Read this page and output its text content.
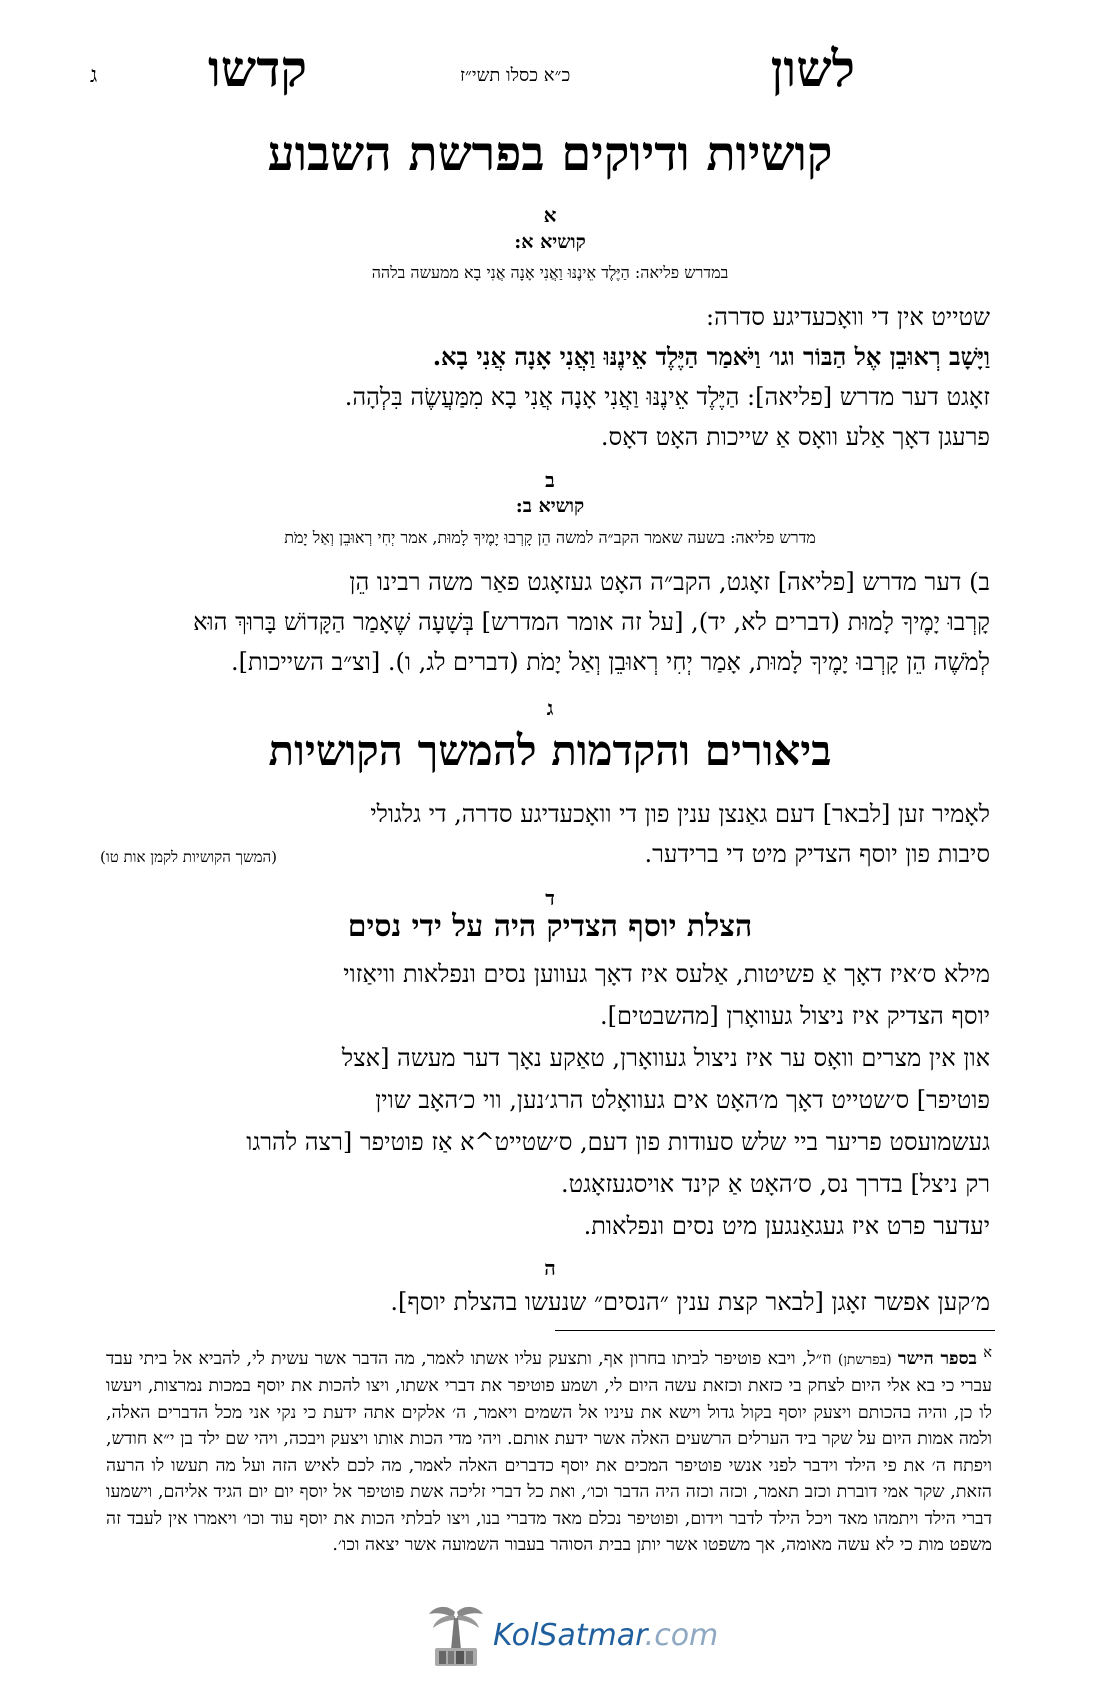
לשון
כ״א כסלו תשי״ז
קדשו
ג
קושיות ודיוקים בפרשת השבוע
א
קושיא א:
במדרש פליאה: הַיֶּלֶד אֵינֶנּוּ וַאֲנִי אָנָה אֲנִי בָא ממעשה בלהה
שטייט אין די וואָכעדיגע סדרה:
וַיָּשָׁב רְאוּבֵן אֶל הַבּוֹר וגו׳ וַיֹּאמַר הַיֶּלֶד אֵינֶנּוּ וַאֲנִי אָנָה אֲנִי בָא.
זאָגט דער מדרש [פליאה]: הַיֶּלֶד אֵינֶנּוּ וַאֲנִי אָנָה אֲנִי בָא מִמַּעֲשֶׂה בִּלְהָה.
פרעגן דאָך אַלע וואָס אַ שייכות האָט דאָס.
ב
קושיא ב:
מדרש פליאה: בשעה שאמר הקב״ה למשה הֵן קָרְבוּ יָמֶיךָ לָמוּת, אמר יְחִי רְאוּבֵן וְאַל יָמֹת
ב) דער מדרש [פליאה] זאָגט, הקב״ה האָט געזאָגט פאַר משה רבינו הֵן
קָרְבוּ יָמֶיךָ לָמוּת (דברים לא, יד), [על זה אומר המדרש] בְּשָׁעָה שֶׁאָמַר הַקָּדוֹשׁ בָּרוּךְ הוּא
לְמֹשֶׁה הֵן קָרְבוּ יָמֶיךָ לָמוּת, אָמַר יְחִי רְאוּבֵן וְאַל יָמֹת (דברים לג, ו). [וצ״ב השייכות].
ג
ביאורים והקדמות להמשך הקושיות
לאָמיר זען [לבאר] דעם גאַנצן ענין פון די וואָכעדיגע סדרה, די גלגולי
סיבות פון יוסף הצדיק מיט די ברידער.
(המשך הקושיות לקמן אות טו)
ד
הצלת יוסף הצדיק היה על ידי נסים
מילא ס׳איז דאָך אַ פשיטות, אַלעס איז דאָך געווען נסים ונפלאות וויאַזוי
יוסף הצדיק איז ניצול געוואָרן [מהשבטים].
און אין מצרים וואָס ער איז ניצול געוואָרן, טאַקע נאָך דער מעשה [אצל
פוטיפר] ס׳שטייט דאָך מ׳האָט אים געוואָלט הרג׳נען, ווי כ׳האָב שוין
געשמועסט פריער ביי שלש סעודות פון דעם, ס׳שטייט^א אַז פוטיפר [רצה להרגו
רק ניצל] בדרך נס, ס׳האָט אַ קינד אויסגעזאָגט.
יעדער פרט איז געגאַנגען מיט נסים ונפלאות.
ה
מ׳קען אפשר זאָגן [לבאר קצת ענין ״הנסים״ שנעשו בהצלת יוסף].
$^א$ בספר הישר (בפרשתן) וז״ל, ויבא פוטיפר לביתו בחרון אף, ותצעק עליו אשתו לאמר, מה הדבר אשר עשית לי, להביא אל ביתי עבד עברי כי בא אלי היום לצחק בי כזאת וכזאת עשה היום לי, ושמע פוטיפר את דברי אשתו, ויצו להכות את יוסף במכות נמרצות, ויעשו לו כן, והיה בהכותם ויצעק יוסף בקול גדול וישא את עיניו אל השמים ויאמר, ה׳ אלקים אתה ידעת כי נקי אני מכל הדברים האלה, ולמה אמות היום על שקר ביד הערלים הרשעים האלה אשר ידעת אותם. ויהי מדי הכות אותו ויצעק ויבכה, ויהי שם ילד בן י״א חודש, ויפתח ה׳ את פי הילד וידבר לפני אנשי פוטיפר המכים את יוסף כדברים האלה לאמר, מה לכם לאיש הזה ועל מה תעשו לו הרעה הזאת, שקר אמי דוברת וכזב תאמר, וכזה וכזה היה הדבר וכו׳, ואת כל דברי זליכה אשת פוטיפר אל יוסף יום יום הגיד אליהם, וישמעו דברי הילד ויתמהו מאד ויכל הילד לדבר וידום, ופוטיפר נכלם מאד מדברי בנו, ויצו לבלתי הכות את יוסף עוד וכו׳ ויאמרו אין לעבד זה משפט מות כי לא עשה מאומה, אך משפטו אשר יותן בבית הסוהר בעבור השמועה אשר יצאה וכו׳.
KolSatmar.com
